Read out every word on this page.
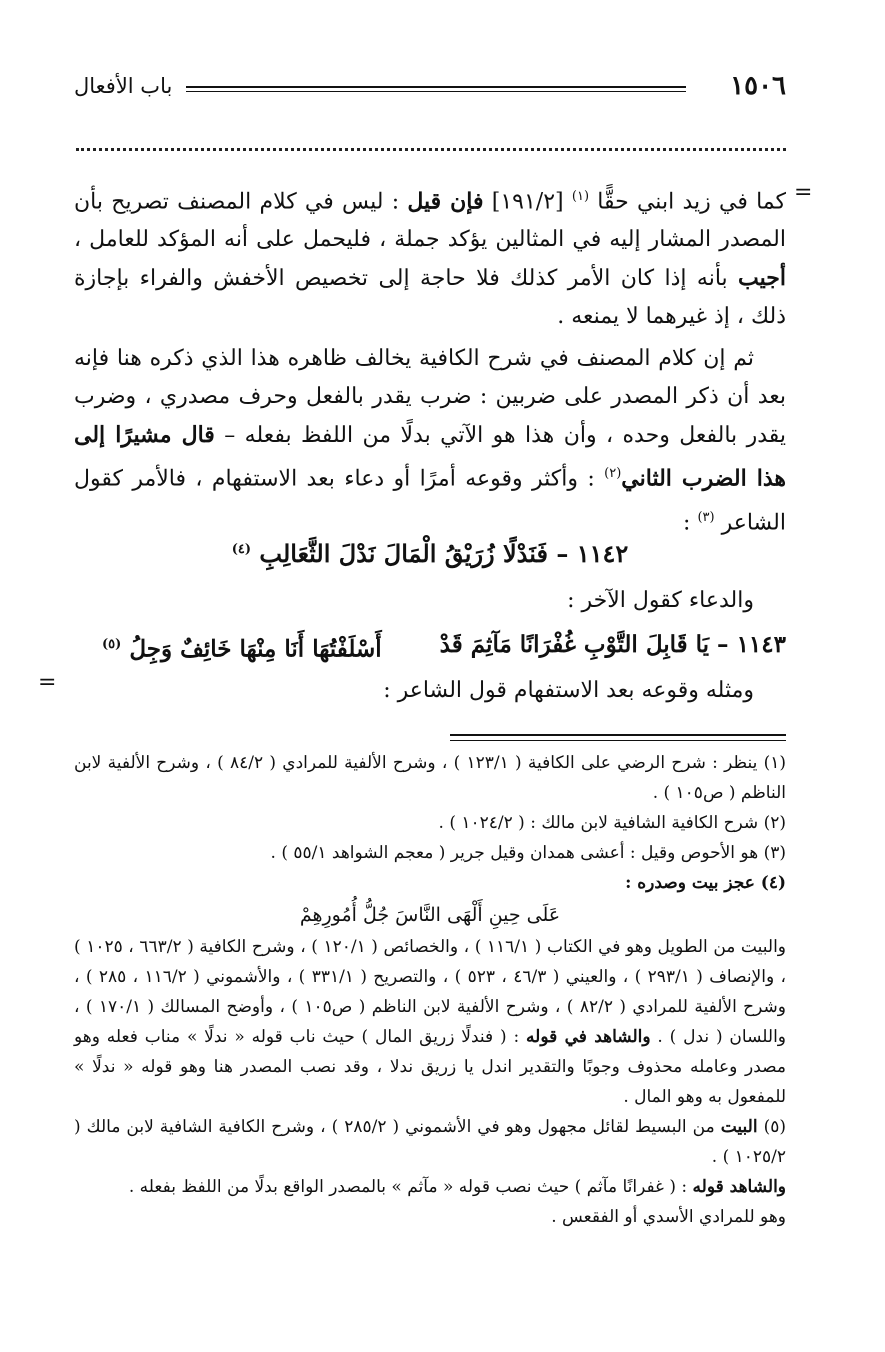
١٥٠٦
باب الأفعال
=

كما في زيد ابني حقًّا $^{(١)}$ [١٩١/٢] فإن قيل : ليس في كلام المصنف تصريح بأن المصدر المشار إليه في المثالين يؤكد جملة ، فليحمل على أنه المؤكد للعامل ، أجيب بأنه إذا كان الأمر كذلك فلا حاجة إلى تخصيص الأخفش والفراء بإجازة ذلك ، إذ غيرهما لا يمنعه .

ثم إن كلام المصنف في شرح الكافية يخالف ظاهره هذا الذي ذكره هنا فإنه بعد أن ذكر المصدر على ضربين : ضرب يقدر بالفعل وحرف مصدري ، وضرب يقدر بالفعل وحده ، وأن هذا هو الآتي بدلًا من اللفظ بفعله – قال مشيرًا إلى هذا الضرب الثاني$^{(٢)}$ : وأكثر وقوعه أمرًا أو دعاء بعد الاستفهام ، فالأمر كقول الشاعر $^{(٣)}$ :

١١٤٢ – فَنَدْلًا زُرَيْقُ الْمَالَ نَدْلَ الثَّعَالِبِ $^{(٤)}$
والدعاء كقول الآخر :
١١٤٣ – يَا قَابِلَ التَّوْبِ غُفْرَانًا مَآثِمَ قَدْ
أَسْلَفْتُهَا أَنَا مِنْهَا خَائِفٌ وَجِلُ $^{(٥)}$
=	ومثله وقوعه بعد الاستفهام قول الشاعر :

(١) ينظر : شرح الرضي على الكافية ( ١٢٣/١ ) ، وشرح الألفية للمرادي ( ٨٤/٢ ) ، وشرح الألفية لابن الناظم ( ص١٠٥ ) .

(٢) شرح الكافية الشافية لابن مالك : ( ١٠٢٤/٢ ) .

(٣) هو الأحوص وقيل : أعشى همدان وقيل جرير ( معجم الشواهد ٥٥/١ ) .

(٤) عجز بيت وصدره :

عَلَى حِينِ أَلْهَى النَّاسَ جُلُّ أُمُورِهِمْ

والبيت من الطويل وهو في الكتاب ( ١١٦/١ ) ، والخصائص ( ١٢٠/١ ) ، وشرح الكافية ( ٦٦٣/٢ ، ١٠٢٥ ) ، والإنصاف ( ٢٩٣/١ ) ، والعيني ( ٤٦/٣ ، ٥٢٣ ) ، والتصريح ( ٣٣١/١ ) ، والأشموني ( ١١٦/٢ ، ٢٨٥ ) ، وشرح الألفية للمرادي ( ٨٢/٢ ) ، وشرح الألفية لابن الناظم ( ص١٠٥ ) ، وأوضح المسالك ( ١٧٠/١ ) ، واللسان ( ندل ) . والشاهد في قوله : ( فندلًا زريق المال ) حيث ناب قوله « ندلًا » مناب فعله وهو مصدر وعامله محذوف وجوبًا والتقدير اندل يا زريق ندلا ، وقد نصب المصدر هنا وهو قوله « ندلًا » للمفعول به وهو المال .

(٥) البيت من البسيط لقائل مجهول وهو في الأشموني ( ٢٨٥/٢ ) ، وشرح الكافية الشافية لابن مالك ( ١٠٢٥/٢ ) .

والشاهد قوله : ( غفرانًا مآثم ) حيث نصب قوله « مآثم » بالمصدر الواقع بدلًا من اللفظ بفعله .

وهو للمرادي الأسدي أو الفقعس .
